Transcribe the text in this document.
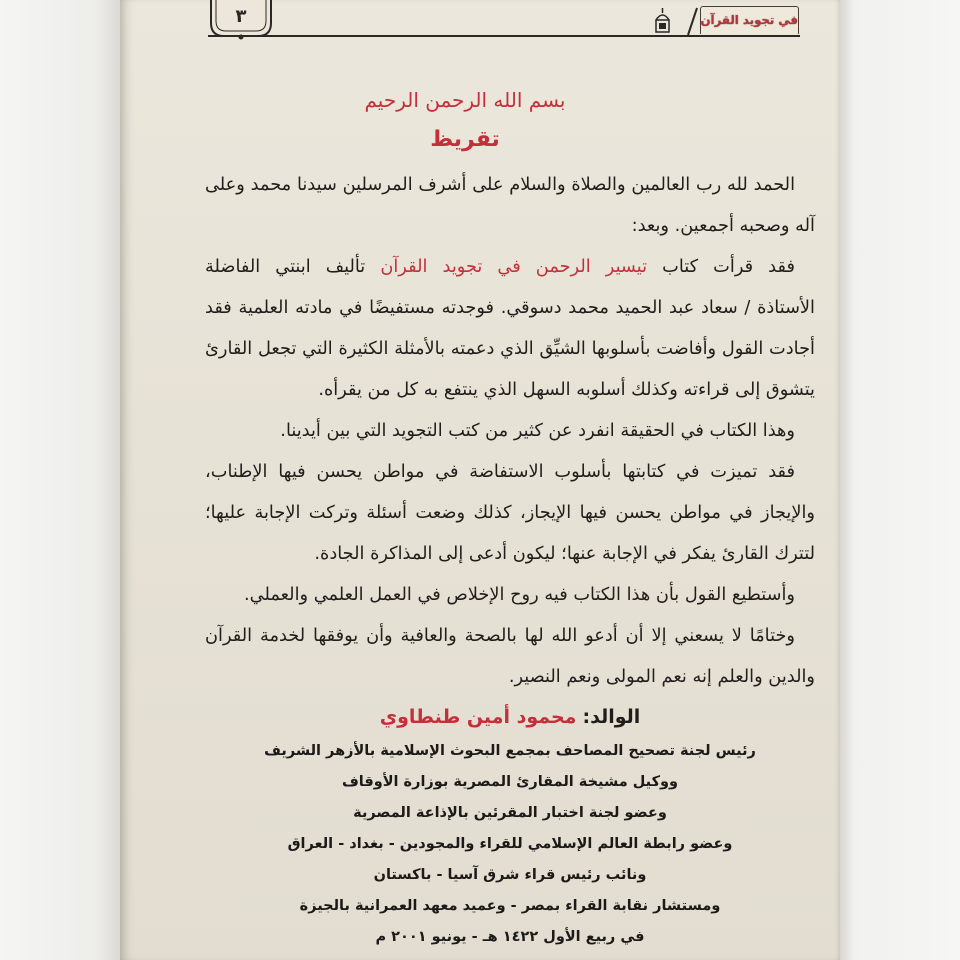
٣	في تجويد القرآن
بسم الله الرحمن الرحيم
تقريظ
الحمد لله رب العالمين والصلاة والسلام على أشرف المرسلين سيدنا محمد وعلى
آله وصحبه أجمعين. وبعد:
فقد قرأت كتاب تيسير الرحمن في تجويد القرآن تأليف ابنتي الفاضلة
الأستاذة / سعاد عبد الحميد محمد دسوقي. فوجدته مستفيضًا في مادته العلمية فقد
أجادت القول وأفاضت بأسلوبها الشيِّق الذي دعمته بالأمثلة الكثيرة التي تجعل القارئ
يتشوق إلى قراءته وكذلك أسلوبه السهل الذي ينتفع به كل من يقرأه.
وهذا الكتاب في الحقيقة انفرد عن كثير من كتب التجويد التي بين أيدينا.
فقد تميزت في كتابتها بأسلوب الاستفاضة في مواطن يحسن فيها الإطناب،
والإيجاز في مواطن يحسن فيها الإيجاز، كذلك وضعت أسئلة وتركت الإجابة عليها؛
لتترك القارئ يفكر في الإجابة عنها؛ ليكون أدعى إلى المذاكرة الجادة.
وأستطيع القول بأن هذا الكتاب فيه روح الإخلاص في العمل العلمي والعملي.
وختامًا لا يسعني إلا أن أدعو الله لها بالصحة والعافية وأن يوفقها لخدمة القرآن
والدين والعلم إنه نعم المولى ونعم النصير.
الوالد: محمود أمين طنطاوي
رئيس لجنة تصحيح المصاحف بمجمع البحوث الإسلامية بالأزهر الشريف
ووكيل مشيخة المقارئ المصرية بوزارة الأوقاف
وعضو لجنة اختبار المقرئين بالإذاعة المصرية
وعضو رابطة العالم الإسلامي للقراء والمجودين - بغداد - العراق
ونائب رئيس قراء شرق آسيا - باكستان
ومستشار نقابة القراء بمصر - وعميد معهد العمرانية بالجيزة
في ربيع الأول ١٤٢٢ هـ - يونيو ٢٠٠١ م
